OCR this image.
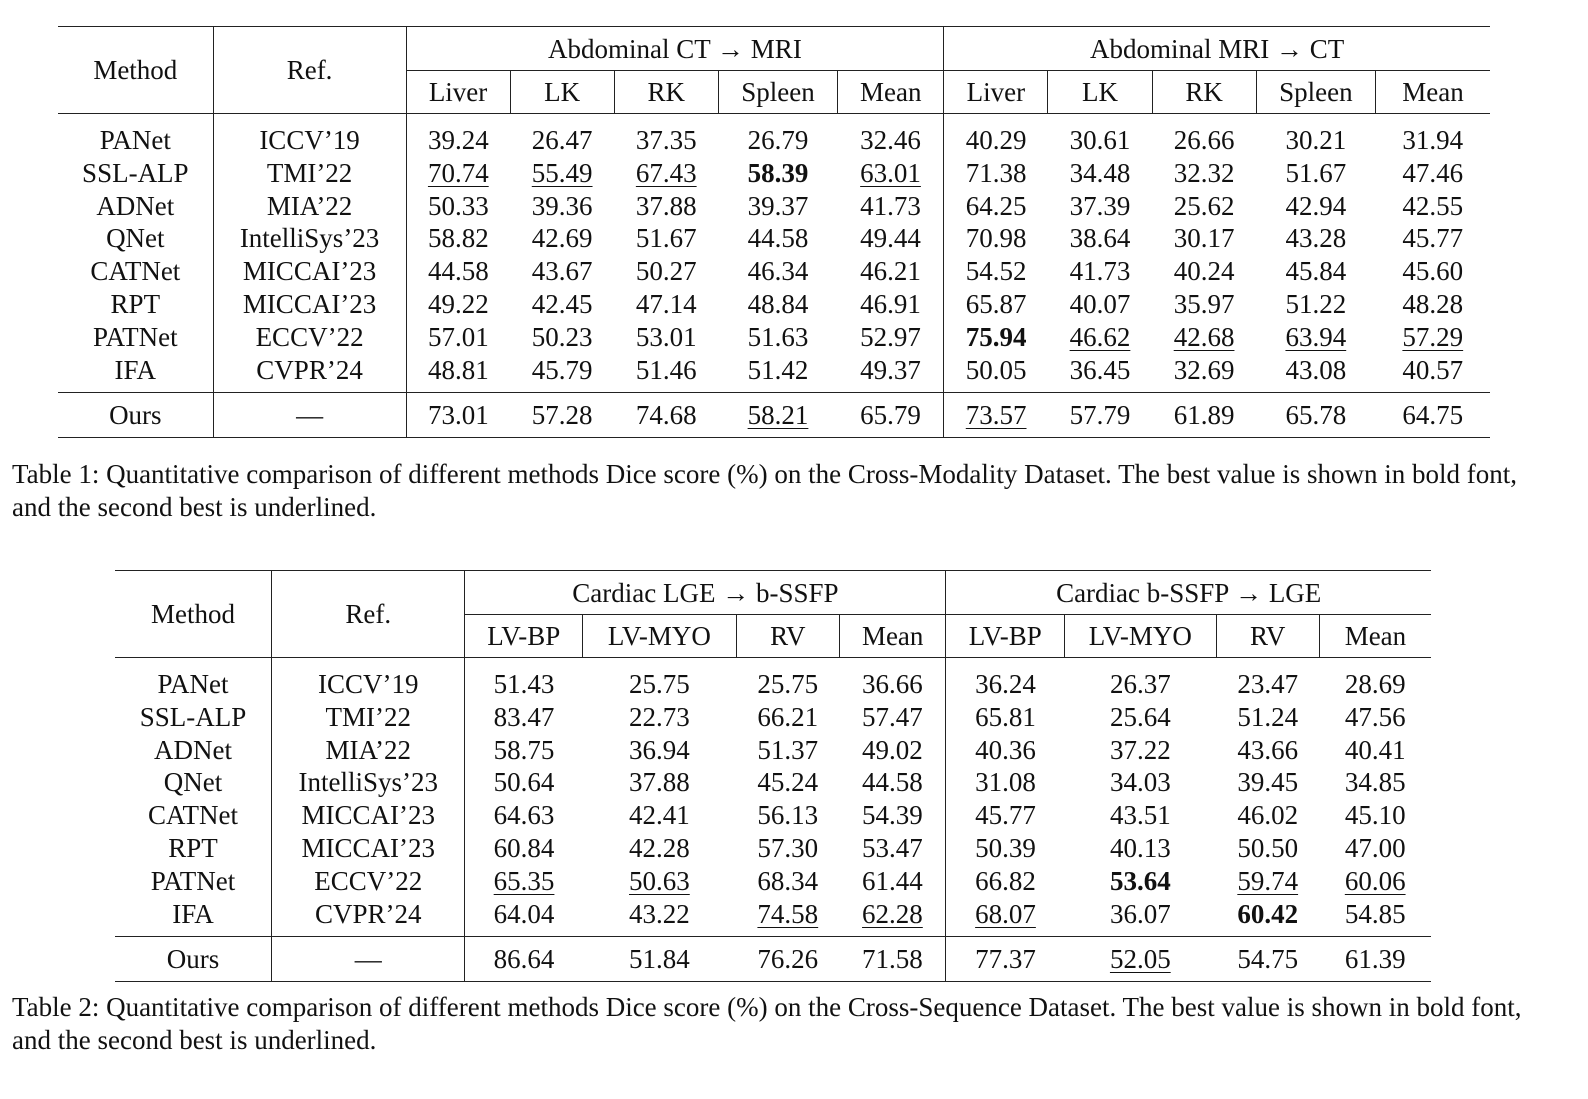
Method	Ref.	Abdominal CT → MRI					Abdominal MRI → CT				

		Liver	LK	RK	Spleen	Mean	Liver	LK	RK	Spleen	Mean
PANet	ICCV’19	39.24	26.47	37.35	26.79	32.46	40.29	30.61	26.66	30.21	31.94
SSL-ALP	TMI’22	70.74	55.49	67.43	58.39	63.01	71.38	34.48	32.32	51.67	47.46
ADNet	MIA’22	50.33	39.36	37.88	39.37	41.73	64.25	37.39	25.62	42.94	42.55
QNet	IntelliSys’23	58.82	42.69	51.67	44.58	49.44	70.98	38.64	30.17	43.28	45.77
CATNet	MICCAI’23	44.58	43.67	50.27	46.34	46.21	54.52	41.73	40.24	45.84	45.60
RPT	MICCAI’23	49.22	42.45	47.14	48.84	46.91	65.87	40.07	35.97	51.22	48.28
PATNet	ECCV’22	57.01	50.23	53.01	51.63	52.97	75.94	46.62	42.68	63.94	57.29
IFA	CVPR’24	48.81	45.79	51.46	51.42	49.37	50.05	36.45	32.69	43.08	40.57
Ours	—	73.01	57.28	74.68	58.21	65.79	73.57	57.79	61.89	65.78	64.75
Table 1: Quantitative comparison of different methods Dice score (%) on the Cross-Modality Dataset. The best value is shown in bold font, and the second best is underlined.
Method	Ref.	Cardiac LGE → b-SSFP				Cardiac b-SSFP → LGE			

		LV-BP	LV-MYO	RV	Mean	LV-BP	LV-MYO	RV	Mean
PANet	ICCV’19	51.43	25.75	25.75	36.66	36.24	26.37	23.47	28.69
SSL-ALP	TMI’22	83.47	22.73	66.21	57.47	65.81	25.64	51.24	47.56
ADNet	MIA’22	58.75	36.94	51.37	49.02	40.36	37.22	43.66	40.41
QNet	IntelliSys’23	50.64	37.88	45.24	44.58	31.08	34.03	39.45	34.85
CATNet	MICCAI’23	64.63	42.41	56.13	54.39	45.77	43.51	46.02	45.10
RPT	MICCAI’23	60.84	42.28	57.30	53.47	50.39	40.13	50.50	47.00
PATNet	ECCV’22	65.35	50.63	68.34	61.44	66.82	53.64	59.74	60.06
IFA	CVPR’24	64.04	43.22	74.58	62.28	68.07	36.07	60.42	54.85
Ours	—	86.64	51.84	76.26	71.58	77.37	52.05	54.75	61.39
Table 2: Quantitative comparison of different methods Dice score (%) on the Cross-Sequence Dataset. The best value is shown in bold font, and the second best is underlined.
